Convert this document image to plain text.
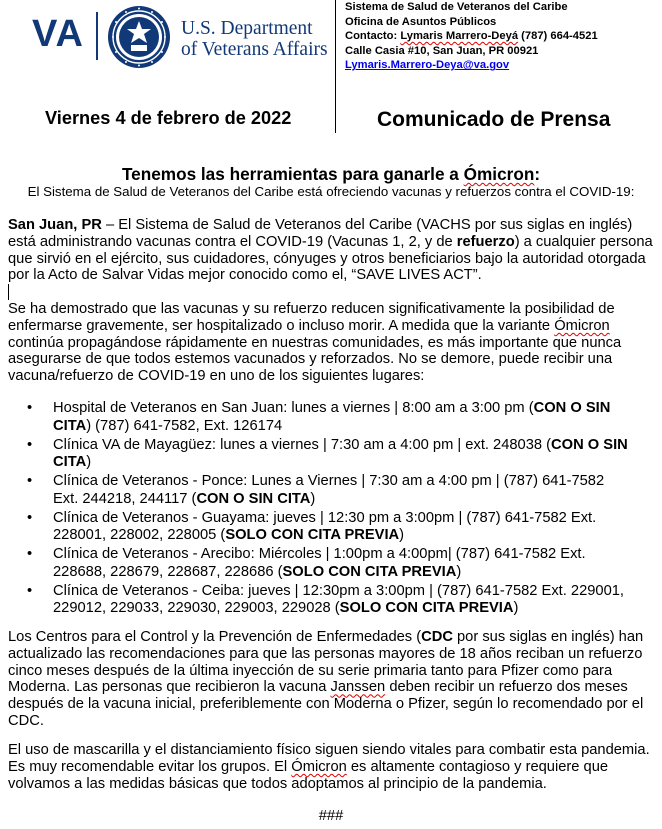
VA	U.S. Department
of Veterans Affairs
Sistema de Salud de Veteranos del Caribe
Oficina de Asuntos Públicos
Contacto: Lymaris Marrero-Deyá (787) 664-4521
Calle Casia #10, San Juan, PR 00921
Lymaris.Marrero-Deya@va.gov
Viernes 4 de febrero de 2022	Comunicado de Prensa
Tenemos las herramientas para ganarle a Ómicron:
El Sistema de Salud de Veteranos del Caribe está ofreciendo vacunas y refuerzos contra el COVID-19:
San Juan, PR – El Sistema de Salud de Veteranos del Caribe (VACHS por sus siglas en inglés) está administrando vacunas contra el COVID-19 (Vacunas 1, 2, y de refuerzo) a cualquier persona que sirvió en el ejército, sus cuidadores, cónyuges y otros beneficiarios bajo la autoridad otorgada por la Acto de Salvar Vidas mejor conocido como el, “SAVE LIVES ACT”.
Se ha demostrado que las vacunas y su refuerzo reducen significativamente la posibilidad de enfermarse gravemente, ser hospitalizado o incluso morir. A medida que la variante Ómicron continúa propagándose rápidamente en nuestras comunidades, es más importante que nunca asegurarse de que todos estemos vacunados y reforzados. No se demore, puede recibir una vacuna/refuerzo de COVID-19 en uno de los siguientes lugares:
• Hospital de Veteranos en San Juan: lunes a viernes | 8:00 am a 3:00 pm (CON O SIN CITA) (787) 641-7582, Ext. 126174
• Clínica VA de Mayagüez: lunes a viernes | 7:30 am a 4:00 pm | ext. 248038 (CON O SIN CITA)
• Clínica de Veteranos - Ponce: Lunes a Viernes | 7:30 am a 4:00 pm | (787) 641-7582 Ext. 244218, 244117 (CON O SIN CITA)
• Clínica de Veteranos - Guayama: jueves | 12:30 pm a 3:00pm | (787) 641-7582 Ext. 228001, 228002, 228005 (SOLO CON CITA PREVIA)
• Clínica de Veteranos - Arecibo: Miércoles | 1:00pm a 4:00pm| (787) 641-7582 Ext. 228688, 228679, 228687, 228686 (SOLO CON CITA PREVIA)
• Clínica de Veteranos - Ceiba: jueves | 12:30pm a 3:00pm | (787) 641-7582 Ext. 229001, 229012, 229033, 229030, 229003, 229028 (SOLO CON CITA PREVIA)
Los Centros para el Control y la Prevención de Enfermedades (CDC por sus siglas en inglés) han actualizado las recomendaciones para que las personas mayores de 18 años reciban un refuerzo cinco meses después de la última inyección de su serie primaria tanto para Pfizer como para Moderna. Las personas que recibieron la vacuna Janssen deben recibir un refuerzo dos meses después de la vacuna inicial, preferiblemente con Moderna o Pfizer, según lo recomendado por el CDC.
El uso de mascarilla y el distanciamiento físico siguen siendo vitales para combatir esta pandemia. Es muy recomendable evitar los grupos. El Ómicron es altamente contagioso y requiere que volvamos a las medidas básicas que todos adoptamos al principio de la pandemia.
###
